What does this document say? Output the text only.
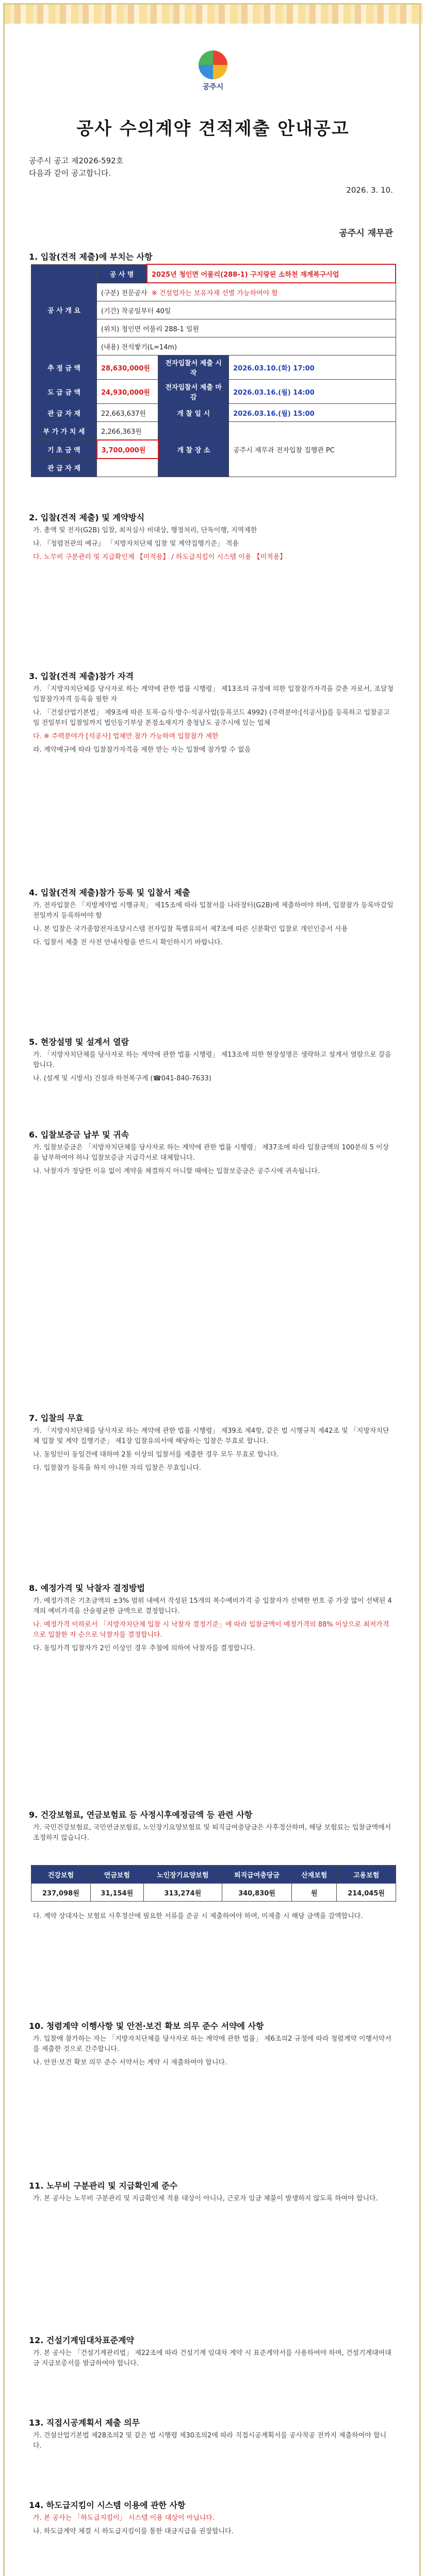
공주시
공사 수의계약 견적제출 안내공고
공주시 공고 제2026-592호
다음과 같이 공고합니다.
2026. 3. 10.
공주시 재무관
1. 입찰(견적 제출)에 부치는 사항
공 사 개 요	공 사 명	2025년 청인면 어물리(288-1) 구지랑된 소하천 재계복구사업		
	(구분) 천문공사 ※ 건설업자는 보유자재 선별 가능하여야 함			
	(기간) 착공일부터 40일			
	(위치) 청인면 어물리 288-1 일원			
	(내용) 전석쌓기(L=14m)			
추 정 금 액	28,630,000원		전자입찰서 제출 시작	2026.03.10.(화) 17:00
도 급 금 액	24,930,000원		전자입찰서 제출 마감	2026.03.16.(월) 14:00
관 급 자 재	22,663,637원		개 찰 일 시	2026.03.16.(월) 15:00
부 가 가 치 세	2,266,363원		개 찰 장 소	공주시 재무과 전자입찰 집행관 PC
기 초 금 액	3,700,000원			
관 급 자 재				
2. 입찰(견적 제출) 및 계약방식

가. 총액 및 전자(G2B) 입찰, 최저심사 비대상, 행정처리, 단독이행, 지역제한

나. 『청렴전관의 예규』 「지방자치단체 입찰 및 계약집행기준」 적용

다. 노무비 구분관리 및 지급확인제 【미적용】 / 하도급지킴이 시스템 이용 【미적용】

3. 입찰(견적 제출)참가 자격

가. 「지방자치단체를 당사자로 하는 계약에 관한 법률 시행령」 제13조의 규정에 의한 입찰참가자격을 갖춘 자로서, 조달청 입찰참가자격 등록을 필한 자

나. 「건설산업기본법」 제9조에 따른 토목·습식·방수·석공사업(등록코드 4992) (주력분야:[석공사])를 등록하고 입찰공고일 전일부터 입찰일까지 법인등기부상 본점소재지가 충청남도 공주시에 있는 업체

다. ※ 주력분야가 [석공사] 업체만 참가 가능하며 입찰참가 제한

라. 계약예규에 따라 입찰참가자격을 제한 받는 자는 입찰에 참가할 수 없음

4. 입찰(견적 제출)참가 등록 및 입찰서 제출

가. 전자입찰은 「지방계약법 시행규칙」 제15조에 따라 입찰서를 나라장터(G2B)에 제출하여야 하며, 입찰참가 등록마감일 전일까지 등록하여야 함

나. 본 입찰은 국가종합전자조달시스템 전자입찰 특별유의서 제7조에 따른 신분확인 입찰로 개인인증서 사용

다. 입찰서 제출 전 사전 안내사항을 반드시 확인하시기 바랍니다.

5. 현장설명 및 설계서 열람

가. 「지방자치단체를 당사자로 하는 계약에 관한 법률 시행령」 제13조에 의한 현장설명은 생략하고 설계서 열람으로 갈음합니다.

나. (설계 및 시방서) 건설과 하천복구계 (☎041-840-7633)

6. 입찰보증금 납부 및 귀속

가. 입찰보증금은 「지방자치단체를 당사자로 하는 계약에 관한 법률 시행령」 제37조에 따라 입찰금액의 100분의 5 이상을 납부하여야 하나 입찰보증금 지급각서로 대체합니다.

나. 낙찰자가 정당한 이유 없이 계약을 체결하지 아니할 때에는 입찰보증금은 공주시에 귀속됩니다.

7. 입찰의 무효

가. 「지방자치단체를 당사자로 하는 계약에 관한 법률 시행령」 제39조 제4항, 같은 법 시행규칙 제42조 및 「지방자치단체 입찰 및 계약 집행기준」 제1장 입찰유의서에 해당하는 입찰은 무효로 합니다.

나. 동일인이 동일건에 대하여 2통 이상의 입찰서를 제출한 경우 모두 무효로 합니다.

다. 입찰참가 등록을 하지 아니한 자의 입찰은 무효입니다.

8. 예정가격 및 낙찰자 결정방법

가. 예정가격은 기초금액의 ±3% 범위 내에서 작성된 15개의 복수예비가격 중 입찰자가 선택한 번호 중 가장 많이 선택된 4개의 예비가격을 산술평균한 금액으로 결정합니다.

나. 예정가격 이하로서 「지방자치단체 입찰 시 낙찰자 결정기준」에 따라 입찰금액이 예정가격의 88% 이상으로 최저가격으로 입찰한 자 순으로 낙찰자를 결정합니다.

다. 동일가격 입찰자가 2인 이상인 경우 추첨에 의하여 낙찰자를 결정합니다.

9. 건강보험료, 연금보험료 등 사정시후예정금액 등 관련 사항

가. 국민건강보험료, 국민연금보험료, 노인장기요양보험료 및 퇴직급여충당금은 사후정산하며, 해당 보험료는 입찰금액에서 조정하지 않습니다.

건강보험	연금보험	노인장기요양보험	퇴직급여충당금	산재보험	고용보험
237,098원	31,154원	313,274원	340,830원	원	214,045원

다. 계약 상대자는 보험료 사후정산에 필요한 서류를 준공 시 제출하여야 하며, 미제출 시 해당 금액을 감액합니다.

10. 청렴계약 이행사항 및 안전·보건 확보 의무 준수 서약에 사항

가. 입찰에 참가하는 자는 「지방자치단체를 당사자로 하는 계약에 관한 법률」 제6조의2 규정에 따라 청렴계약 이행서약서를 제출한 것으로 간주합니다.

나. 안전·보건 확보 의무 준수 서약서는 계약 시 제출하여야 합니다.

11. 노무비 구분관리 및 지급확인제 준수

가. 본 공사는 노무비 구분관리 및 지급확인제 적용 대상이 아니나, 근로자 임금 체불이 발생하지 않도록 하여야 합니다.

12. 건설기계임대차표준계약

가. 본 공사는 「건설기계관리법」 제22조에 따라 건설기계 임대차 계약 시 표준계약서를 사용하여야 하며, 건설기계대여대금 지급보증서를 발급하여야 합니다.

13. 직접시공계획서 제출 의무

가. 건설산업기본법 제28조의2 및 같은 법 시행령 제30조의2에 따라 직접시공계획서를 공사착공 전까지 제출하여야 합니다.

14. 하도급지킴이 시스템 이용에 관한 사항

가. 본 공사는 「하도급지킴이」 시스템 이용 대상이 아닙니다.

나. 하도급계약 체결 시 하도급지킴이를 통한 대금지급을 권장합니다.
